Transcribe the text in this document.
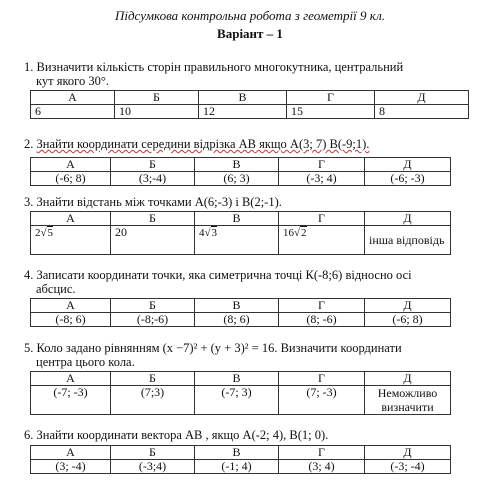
Підсумкова контрольна робота з геометрії 9 кл.
Варіант – 1
1. Визначити кількість сторін правильного многокутника, центральний
кут якого 30°.
А	Б	В	Г	Д
6	10	12	15	8
2. Знайти координати середини відрізка АВ якщо А(3; 7) В(-9;1).
А	Б	В	Г	Д
(-6; 8)	(3;-4)	(6; 3)	(-3; 4)	(-6; -3)
3. Знайти відстань між точками А(6;-3) і В(2;-1).
А	Б	В	Г	Д
2√5	20	4√3	16√2	інша відповідь
4. Записати координати точки, яка симетрична точці К(-8;6) відносно осі
абсцис.
А	Б	В	Г	Д
(-8; 6)	(-8;-6)	(8; 6)	(8; -6)	(-6; 8)
5. Коло задано рівнянням (x −7)² + (y + 3)² = 16. Визначити координати
центра цього кола.
А	Б	В	Г	Д
(-7; -3)	(7;3)	(-7; 3)	(7; -3)	Неможливо визначити
6. Знайти координати вектора АВ , якщо А(-2; 4), В(1; 0).
А	Б	В	Г	Д
(3; -4)	(-3;4)	(-1; 4)	(3; 4)	(-3; -4)
